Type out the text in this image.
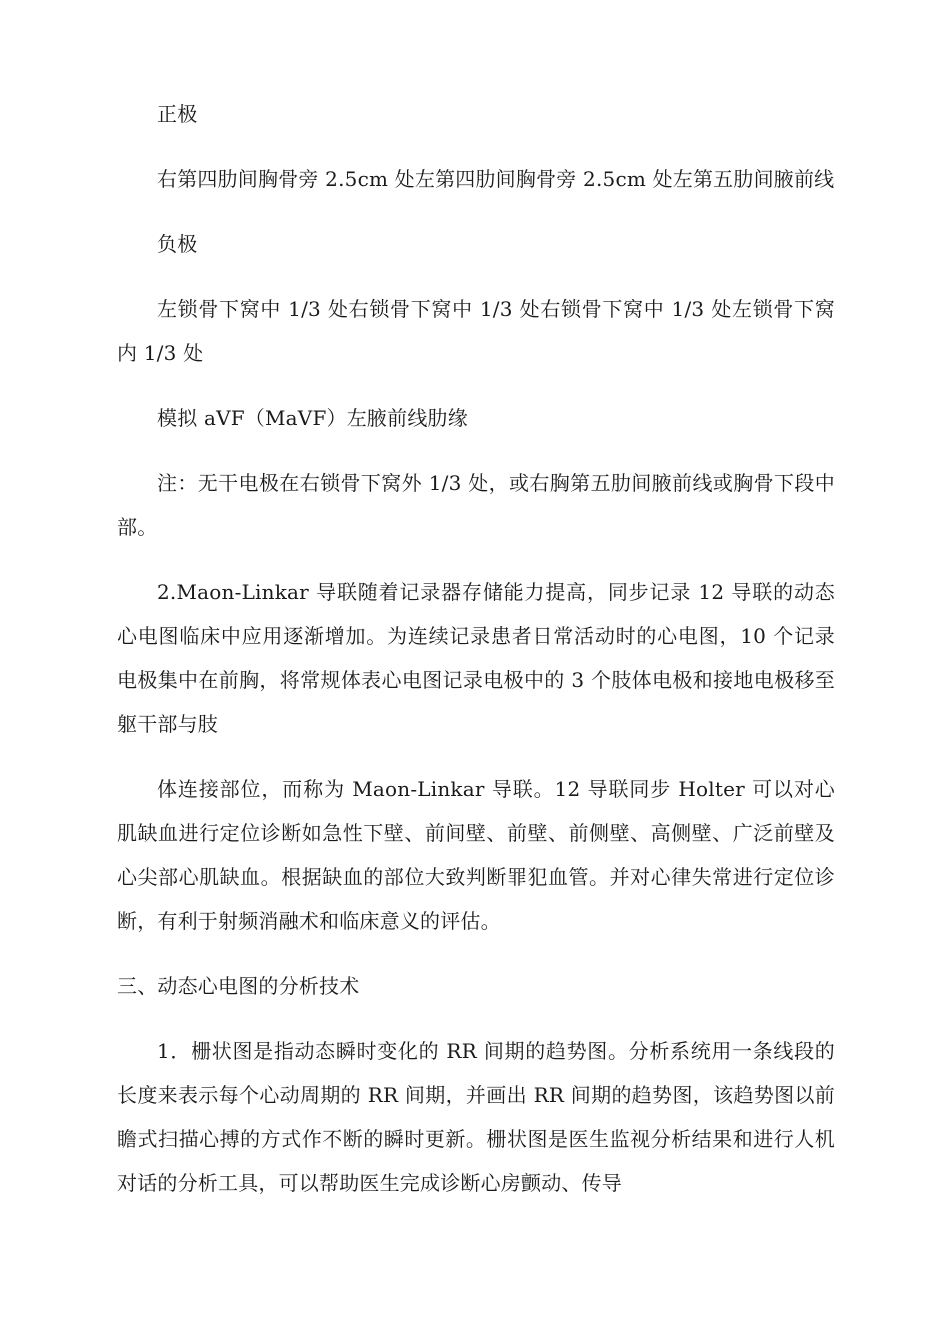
正极

右第四肋间胸骨旁 2.5cm 处左第四肋间胸骨旁 2.5cm 处左第五肋间腋前线

负极

左锁骨下窝中 1/3 处右锁骨下窝中 1/3 处右锁骨下窝中 1/3 处左锁骨下窝内 1/3 处

模拟 aVF（MaVF）左腋前线肋缘

注：无干电极在右锁骨下窝外 1/3 处，或右胸第五肋间腋前线或胸骨下段中部。

2.Maon-Linkar 导联随着记录器存储能力提高，同步记录 12 导联的动态心电图临床中应用逐渐增加。为连续记录患者日常活动时的心电图，10 个记录电极集中在前胸，将常规体表心电图记录电极中的 3 个肢体电极和接地电极移至躯干部与肢

体连接部位，而称为 Maon-Linkar 导联。12 导联同步 Holter 可以对心肌缺血进行定位诊断如急性下壁、前间壁、前壁、前侧壁、高侧壁、广泛前壁及心尖部心肌缺血。根据缺血的部位大致判断罪犯血管。并对心律失常进行定位诊断，有利于射频消融术和临床意义的评估。

三、动态心电图的分析技术

1．栅状图是指动态瞬时变化的 RR 间期的趋势图。分析系统用一条线段的长度来表示每个心动周期的 RR 间期，并画出 RR 间期的趋势图，该趋势图以前瞻式扫描心搏的方式作不断的瞬时更新。栅状图是医生监视分析结果和进行人机对话的分析工具，可以帮助医生完成诊断心房颤动、传导
